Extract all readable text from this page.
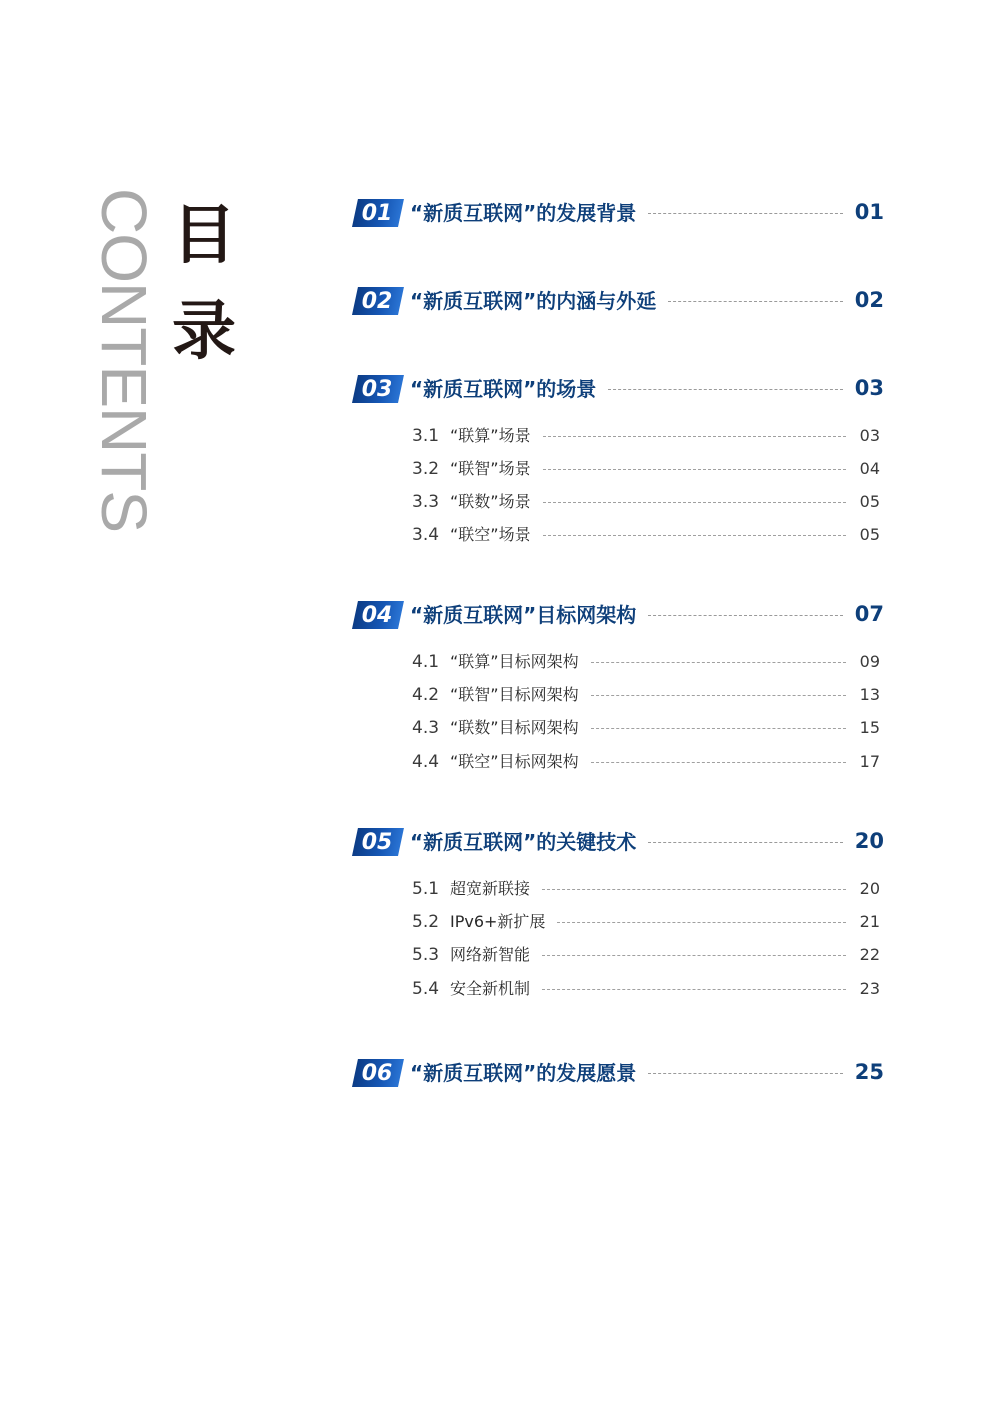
CONTENTS 目
录
01 “新质互联网”的发展背景	01
02 “新质互联网”的内涵与外延	02
03 “新质互联网”的场景	03
3.1 “联算”场景	03
3.2 “联智”场景	04
3.3 “联数”场景	05
3.4 “联空”场景	05
04 “新质互联网”目标网架构	07
4.1 “联算”目标网架构	09
4.2 “联智”目标网架构	13
4.3 “联数”目标网架构	15
4.4 “联空”目标网架构	17
05 “新质互联网”的关键技术	20
5.1 超宽新联接	20
5.2 IPv6+新扩展	21
5.3 网络新智能	22
5.4 安全新机制	23
06 “新质互联网”的发展愿景	25
